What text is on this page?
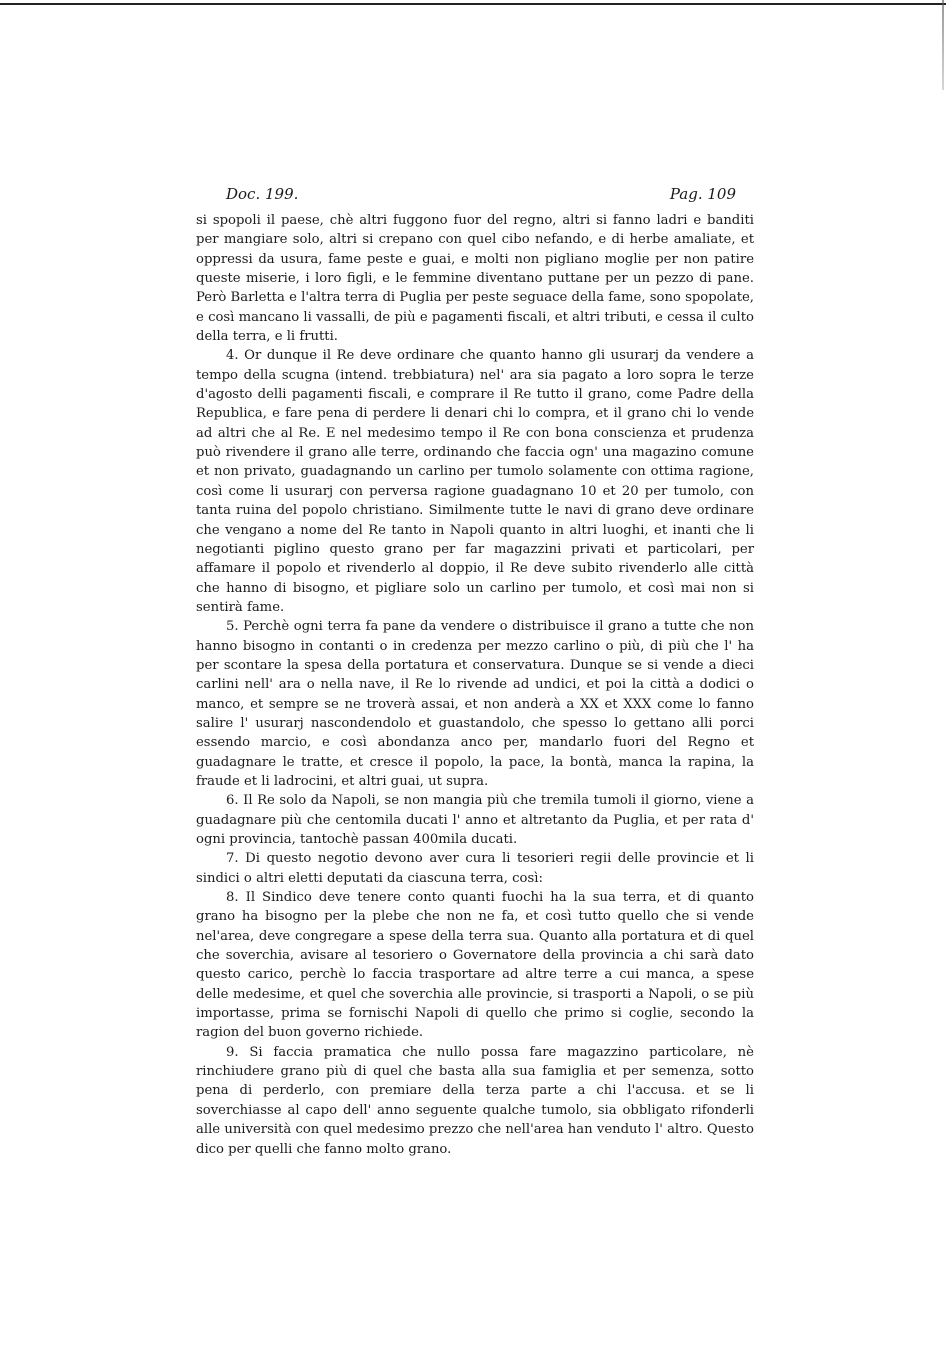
Doc. 199.	Pag. 109

si spopoli il paese, chè altri fuggono fuor del regno, altri si fanno ladri e banditi per mangiare solo, altri si crepano con quel cibo nefando, e di herbe amaliate, et oppressi da usura, fame peste e guai, e molti non pigliano moglie per non patire queste miserie, i loro figli, e le femmine diventano puttane per un pezzo di pane. Però Barletta e l'altra terra di Puglia per peste seguace della fame, sono spopolate, e così mancano li vassalli, de più e pagamenti fiscali, et altri tributi, e cessa il culto della terra, e li frutti.

4. Or dunque il Re deve ordinare che quanto hanno gli usurarj da vendere a tempo della scugna (intend. trebbiatura) nel' ara sia pagato a loro sopra le terze d'agosto delli pagamenti fiscali, e comprare il Re tutto il grano, come Padre della Republica, e fare pena di perdere li denari chi lo compra, et il grano chi lo vende ad altri che al Re. E nel medesimo tempo il Re con bona conscienza et prudenza può rivendere il grano alle terre, ordinando che faccia ogn' una magazino comune et non privato, guadagnando un carlino per tumolo solamente con ottima ragione, così come li usurarj con perversa ragione guadagnano 10 et 20 per tumolo, con tanta ruina del popolo christiano. Similmente tutte le navi di grano deve ordinare che vengano a nome del Re tanto in Napoli quanto in altri luoghi, et inanti che li negotianti piglino questo grano per far magazzini privati et particolari, per affamare il popolo et rivenderlo al doppio, il Re deve subito rivenderlo alle città che hanno di bisogno, et pigliare solo un carlino per tumolo, et così mai non si sentirà fame.

5. Perchè ogni terra fa pane da vendere o distribuisce il grano a tutte che non hanno bisogno in contanti o in credenza per mezzo carlino o più, di più che l' ha per scontare la spesa della portatura et conservatura. Dunque se si vende a dieci carlini nell' ara o nella nave, il Re lo rivende ad undici, et poi la città a dodici o manco, et sempre se ne troverà assai, et non anderà a XX et XXX come lo fanno salire l' usurarj nascondendolo et guastandolo, che spesso lo gettano alli porci essendo marcio, e così abondanza anco per, mandarlo fuori del Regno et guadagnare le tratte, et cresce il popolo, la pace, la bontà, manca la rapina, la fraude et li ladrocini, et altri guai, ut supra.

6. Il Re solo da Napoli, se non mangia più che tremila tumoli il giorno, viene a guadagnare più che centomila ducati l' anno et altretanto da Puglia, et per rata d' ogni provincia, tantochè passan 400mila ducati.

7. Di questo negotio devono aver cura li tesorieri regii delle provincie et li sindici o altri eletti deputati da ciascuna terra, così:

8. Il Sindico deve tenere conto quanti fuochi ha la sua terra, et di quanto grano ha bisogno per la plebe che non ne fa, et così tutto quello che si vende nel'area, deve congregare a spese della terra sua. Quanto alla portatura et di quel che soverchia, avisare al tesoriero o Governatore della provincia a chi sarà dato questo carico, perchè lo faccia trasportare ad altre terre a cui manca, a spese delle medesime, et quel che soverchia alle provincie, si trasporti a Napoli, o se più importasse, prima se fornischi Napoli di quello che primo si coglie, secondo la ragion del buon governo richiede.

9. Si faccia pramatica che nullo possa fare magazzino particolare, nè rinchiudere grano più di quel che basta alla sua famiglia et per semenza, sotto pena di perderlo, con premiare della terza parte a chi l'accusa. et se li soverchiasse al capo dell' anno seguente qualche tumolo, sia obbligato rifonderli alle università con quel medesimo prezzo che nell'area han venduto l' altro. Questo dico per quelli che fanno molto grano.
